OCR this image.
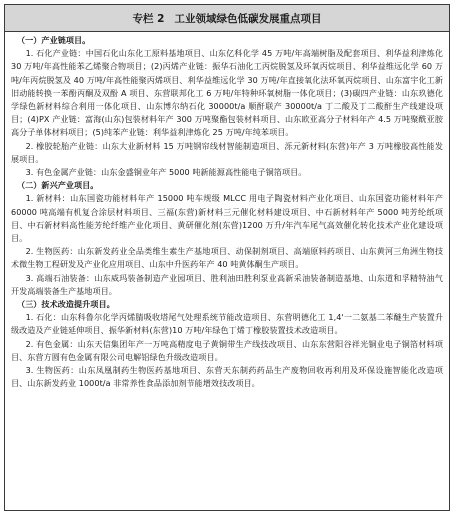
专栏 2 工业领域绿色低碳发展重点项目
（一）产业链项目。

1. 石化产业链：中国石化山东化工原料基地项目、山东亿科化学 45 万吨/年高端树脂及配套项目、利华益利津炼化 30 万吨/年高性能苯乙烯聚合物项目；(2)丙烯产业链：振华石油化工丙烷脱氢及环氧丙烷项目、利华益维远化学 60 万吨/年丙烷脱氢及 40 万吨/年高性能聚丙烯项目、利华益维远化学 30 万吨/年直接氧化法环氧丙烷项目、山东富宇化工新旧动能转换一苯酚丙酮及双酚 A 项目、东营联邦化工 6 万吨/年特种环氧树脂一体化项目；(3)碳四产业链：山东玖德化学绿色新材料综合利用一体化项目、山东博尔纳石化 30000t/a 顺酐联产 30000t/a 丁二酸及丁二酸酐生产线建设项目；(4)PX 产业链：富海(山东)包装材料年产 300 万吨聚酯包装材料项目、山东欧亚高分子材料年产 4.5 万吨聚酰亚胺高分子单体材料项目；(5)纯苯产业链：利华益利津炼化 25 万吨/年纯苯项目。

2. 橡胶轮胎产业链：山东大业新材料 15 万吨钢帘线材智能制造项目、泺元新材料(东营)年产 3 万吨橡胶高性能发展项目。

3. 有色金属产业链：山东金盛铜业年产 5000 吨新能源高性能电子铜箔项目。

（二）新兴产业项目。

1. 新材料：山东国瓷功能材料年产 15000 吨车规级 MLCC 用电子陶瓷材料产业化项目、山东国瓷功能材料年产 60000 吨高端有机复合涂层材料项目、三福(东营)新材料三元催化材料建设项目、中石新材料年产 5000 吨芳纶纸项目、中石新材料高性能芳纶纤维产业化项目、黄研催化剂(东营)1200 万升/年汽车尾气高效催化转化技术产业化建设项目。

2. 生物医药：山东新发药业全品类维生素生产基地项目、动保制剂项目、高端原料药项目、山东黄河三角洲生物技术微生物工程研发及产业化应用项目、山东中升医药年产 40 吨黄体酮生产项目。

3. 高端石油装备：山东威玛装备制造产业园项目、胜利油田胜利泵业高新采油装备制造基地、山东道和孚精特油气开发高端装备生产基地项目。

（三）技术改造提升项目。

1. 石化：山东科鲁尔化学丙烯腈吸收塔尾气处理系统节能改造项目、东营明德化工 1,4'一二氨基二苯醚生产装置升级改造及产业链延伸项目、振华新材料(东营)10 万吨/年绿色丁烯丁橡胶装置技术改造项目。

2. 有色金属：山东天信集团年产一万吨高精度电子黄铜带生产线技改项目、山东东营阳谷祥光铜业电子铜箔材料项目、东营方圆有色金属有限公司电解铝绿色升级改造项目。

3. 生物医药：山东凤凰制药生物医药基地项目、东营天东制药药品生产废物回收再利用及环保设施智能化改造项目、山东新发药业 1000t/a 非常养性食品添加剂节能增效技改项目。
